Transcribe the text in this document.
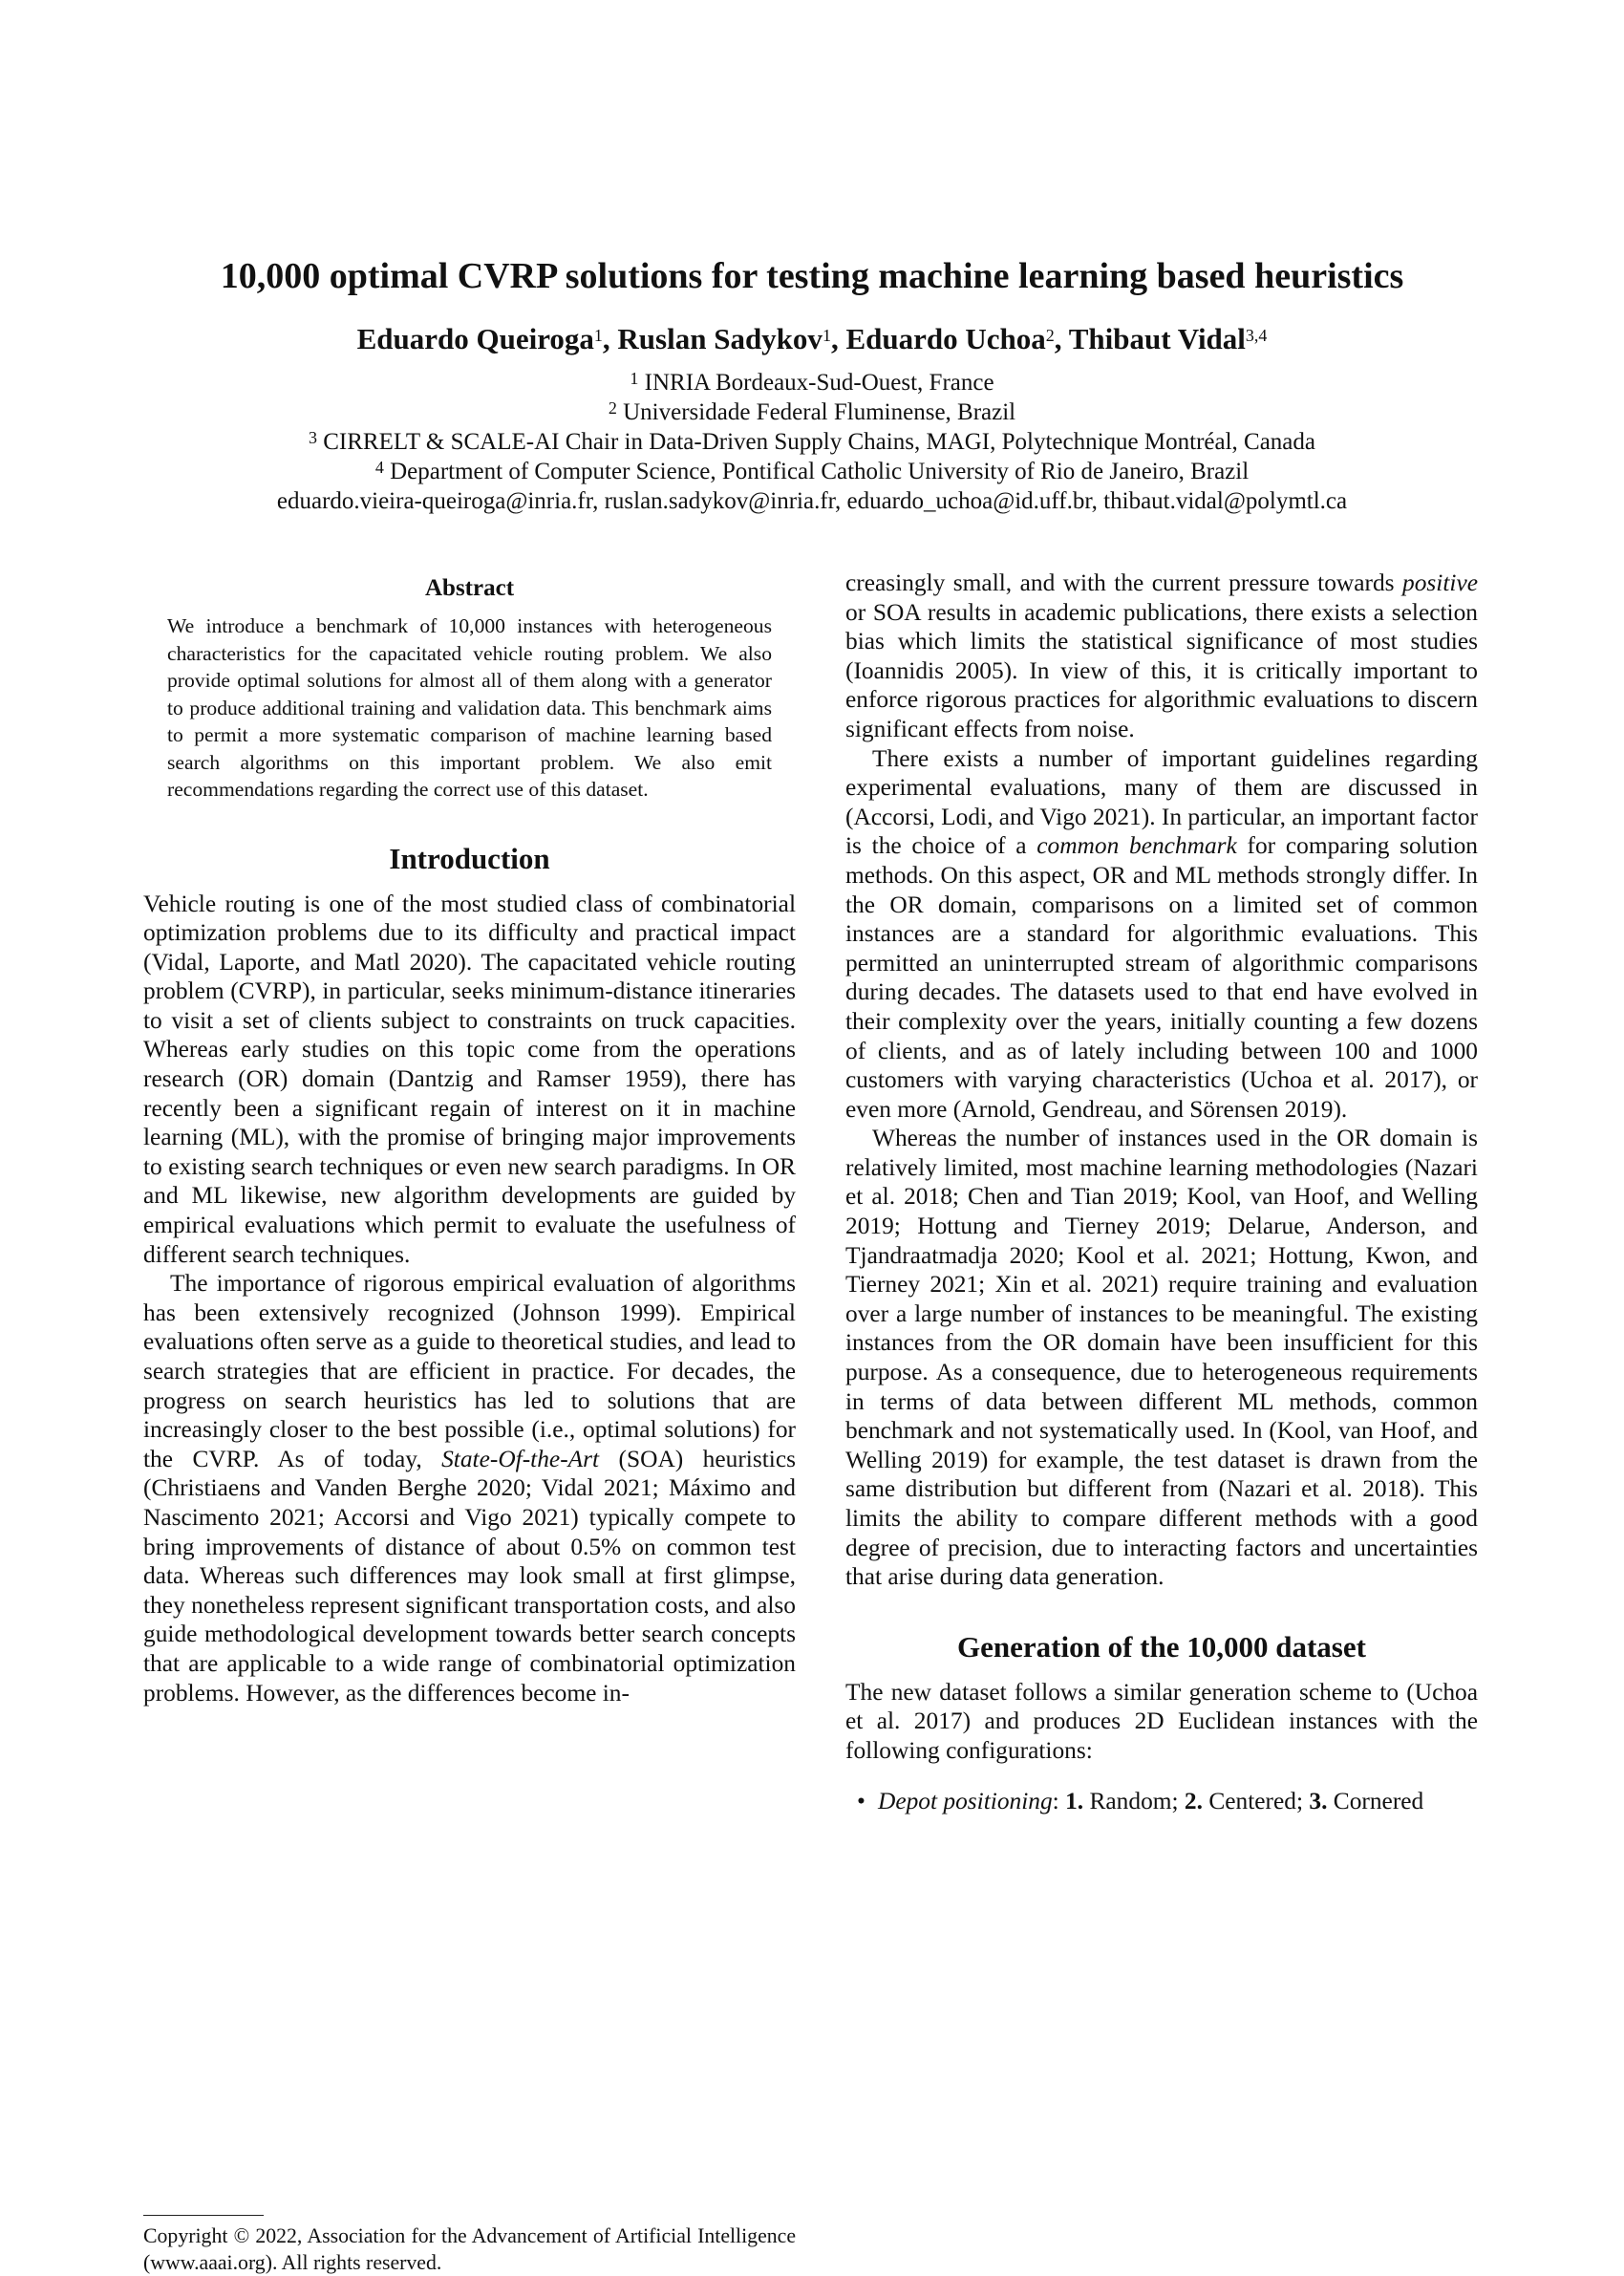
10,000 optimal CVRP solutions for testing machine learning based heuristics
Eduardo Queiroga$^1$, Ruslan Sadykov$^1$, Eduardo Uchoa$^2$, Thibaut Vidal$^{3,4}$
$^1$ INRIA Bordeaux-Sud-Ouest, France
$^2$ Universidade Federal Fluminense, Brazil
$^3$ CIRRELT & SCALE-AI Chair in Data-Driven Supply Chains, MAGI, Polytechnique Montréal, Canada
$^4$ Department of Computer Science, Pontifical Catholic University of Rio de Janeiro, Brazil
eduardo.vieira-queiroga@inria.fr, ruslan.sadykov@inria.fr, eduardo_uchoa@id.uff.br, thibaut.vidal@polymtl.ca
Abstract
We introduce a benchmark of 10,000 instances with heterogeneous characteristics for the capacitated vehicle routing problem. We also provide optimal solutions for almost all of them along with a generator to produce additional training and validation data. This benchmark aims to permit a more systematic comparison of machine learning based search algorithms on this important problem. We also emit recommendations regarding the correct use of this dataset.
Introduction

Vehicle routing is one of the most studied class of combinatorial optimization problems due to its difficulty and practical impact (Vidal, Laporte, and Matl 2020). The capacitated vehicle routing problem (CVRP), in particular, seeks minimum-distance itineraries to visit a set of clients subject to constraints on truck capacities. Whereas early studies on this topic come from the operations research (OR) domain (Dantzig and Ramser 1959), there has recently been a significant regain of interest on it in machine learning (ML), with the promise of bringing major improvements to existing search techniques or even new search paradigms. In OR and ML likewise, new algorithm developments are guided by empirical evaluations which permit to evaluate the usefulness of different search techniques.

The importance of rigorous empirical evaluation of algorithms has been extensively recognized (Johnson 1999). Empirical evaluations often serve as a guide to theoretical studies, and lead to search strategies that are efficient in practice. For decades, the progress on search heuristics has led to solutions that are increasingly closer to the best possible (i.e., optimal solutions) for the CVRP. As of today, State-Of-the-Art (SOA) heuristics (Christiaens and Vanden Berghe 2020; Vidal 2021; Máximo and Nascimento 2021; Accorsi and Vigo 2021) typically compete to bring improvements of distance of about 0.5% on common test data. Whereas such differences may look small at first glimpse, they nonetheless represent significant transportation costs, and also guide methodological development towards better search concepts that are applicable to a wide range of combinatorial optimization problems. However, as the differences become in-

Copyright © 2022, Association for the Advancement of Artificial Intelligence (www.aaai.org). All rights reserved.

creasingly small, and with the current pressure towards positive or SOA results in academic publications, there exists a selection bias which limits the statistical significance of most studies (Ioannidis 2005). In view of this, it is critically important to enforce rigorous practices for algorithmic evaluations to discern significant effects from noise.

There exists a number of important guidelines regarding experimental evaluations, many of them are discussed in (Accorsi, Lodi, and Vigo 2021). In particular, an important factor is the choice of a common benchmark for comparing solution methods. On this aspect, OR and ML methods strongly differ. In the OR domain, comparisons on a limited set of common instances are a standard for algorithmic evaluations. This permitted an uninterrupted stream of algorithmic comparisons during decades. The datasets used to that end have evolved in their complexity over the years, initially counting a few dozens of clients, and as of lately including between 100 and 1000 customers with varying characteristics (Uchoa et al. 2017), or even more (Arnold, Gendreau, and Sörensen 2019).

Whereas the number of instances used in the OR domain is relatively limited, most machine learning methodologies (Nazari et al. 2018; Chen and Tian 2019; Kool, van Hoof, and Welling 2019; Hottung and Tierney 2019; Delarue, Anderson, and Tjandraatmadja 2020; Kool et al. 2021; Hottung, Kwon, and Tierney 2021; Xin et al. 2021) require training and evaluation over a large number of instances to be meaningful. The existing instances from the OR domain have been insufficient for this purpose. As a consequence, due to heterogeneous requirements in terms of data between different ML methods, common benchmark and not systematically used. In (Kool, van Hoof, and Welling 2019) for example, the test dataset is drawn from the same distribution but different from (Nazari et al. 2018). This limits the ability to compare different methods with a good degree of precision, due to interacting factors and uncertainties that arise during data generation.

Generation of the 10,000 dataset

The new dataset follows a similar generation scheme to (Uchoa et al. 2017) and produces 2D Euclidean instances with the following configurations:

• Depot positioning: 1. Random; 2. Centered; 3. Cornered
